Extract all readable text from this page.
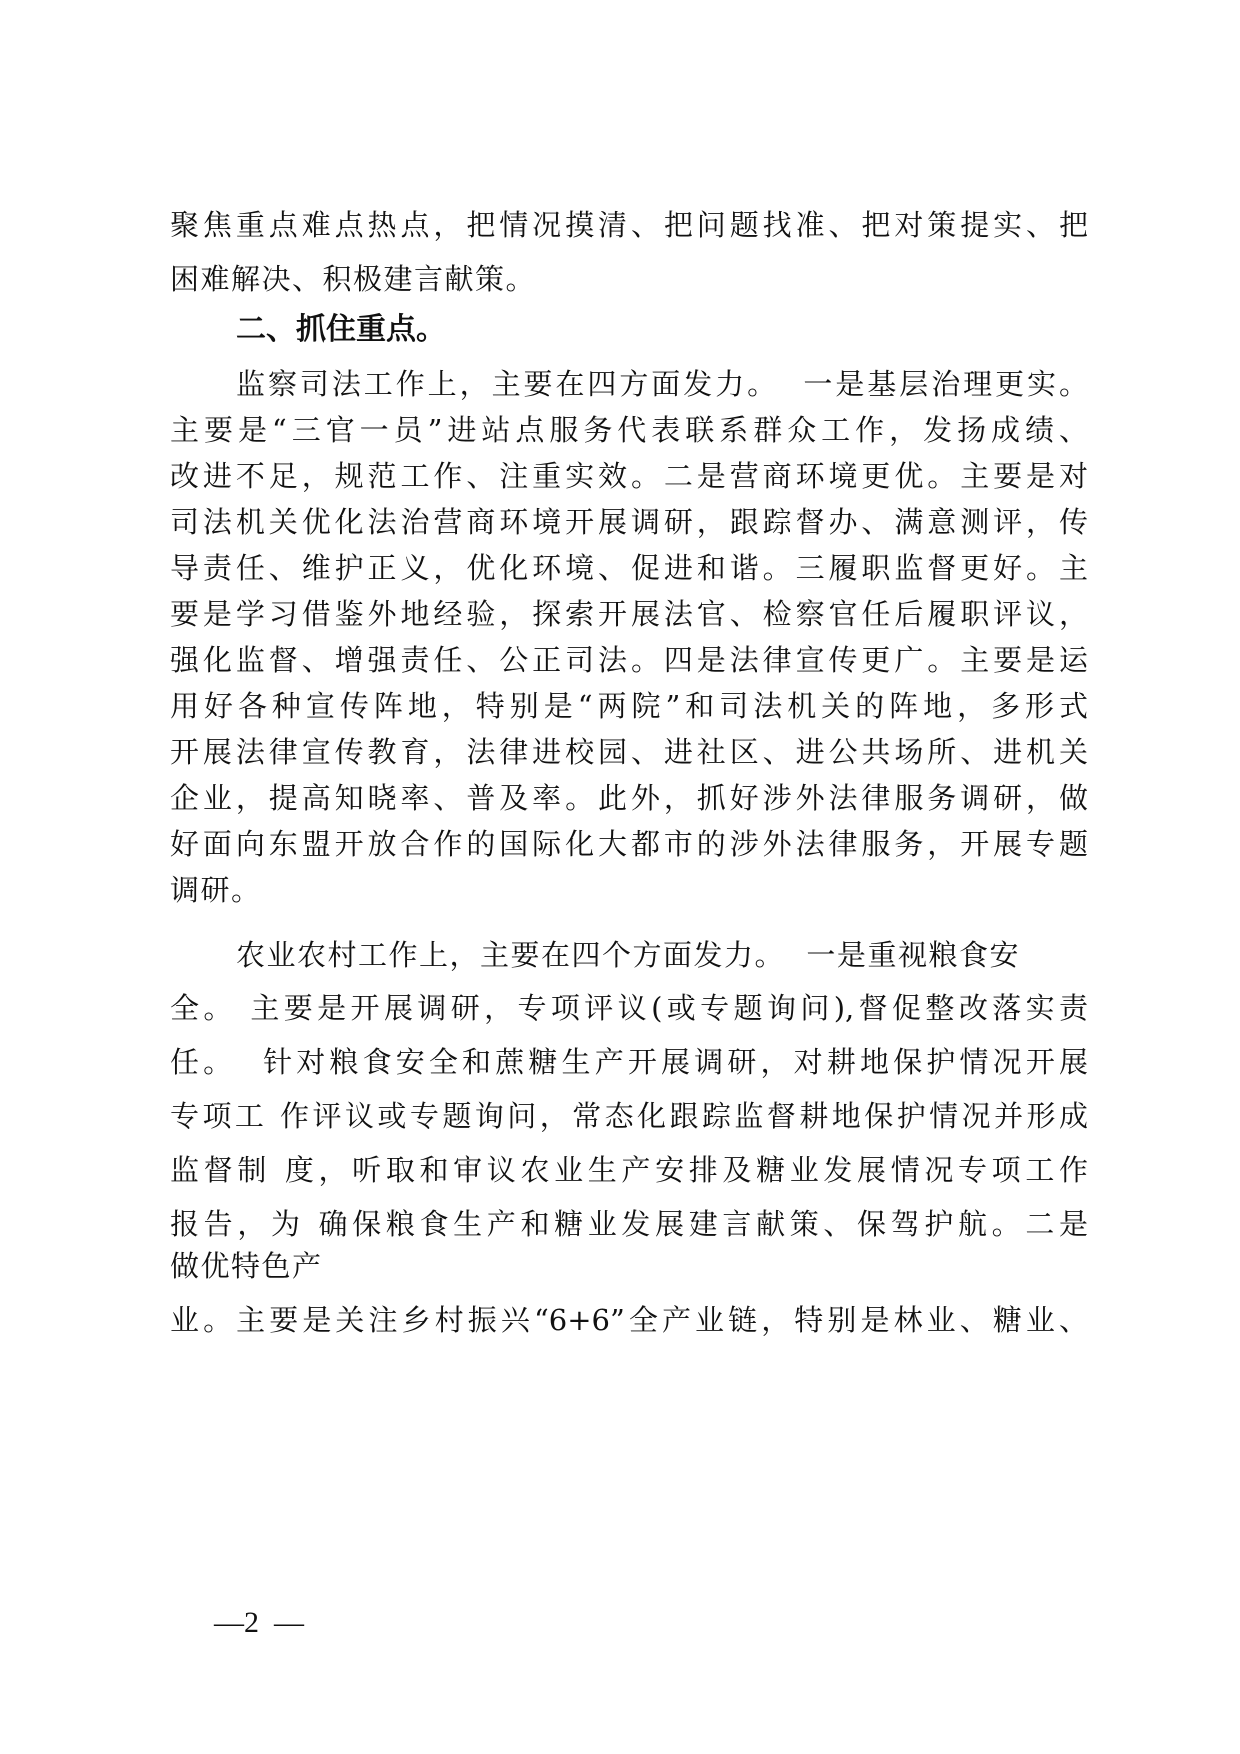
聚焦重点难点热点，把情况摸清、把问题找准、把对策提实、把
困难解决、积极建言献策。
二、抓住重点。
监察司法工作上，主要在四方面发力。  一是基层治理更实。
主要是“三官一员”进站点服务代表联系群众工作，发扬成绩、
改进不足，规范工作、注重实效。二是营商环境更优。主要是对
司法机关优化法治营商环境开展调研，跟踪督办、满意测评，传
导责任、维护正义，优化环境、促进和谐。三履职监督更好。主
要是学习借鉴外地经验，探索开展法官、检察官任后履职评议，
强化监督、增强责任、公正司法。四是法律宣传更广。主要是运
用好各种宣传阵地，特别是“两院”和司法机关的阵地，多形式
开展法律宣传教育，法律进校园、进社区、进公共场所、进机关
企业，提高知晓率、普及率。此外，抓好涉外法律服务调研，做
好面向东盟开放合作的国际化大都市的涉外法律服务，开展专题
调研。
农业农村工作上，主要在四个方面发力。  一是重视粮食安
全。 主要是开展调研，专项评议(或专题询问),督促整改落实责
任。  针对粮食安全和蔗糖生产开展调研，对耕地保护情况开展
专项工 作评议或专题询问，常态化跟踪监督耕地保护情况并形成
监督制 度，听取和审议农业生产安排及糖业发展情况专项工作
报告，为 确保粮食生产和糖业发展建言献策、保驾护航。二是
做优特色产
业。主要是关注乡村振兴“6+6”全产业链，特别是林业、糖业、
—2  —
